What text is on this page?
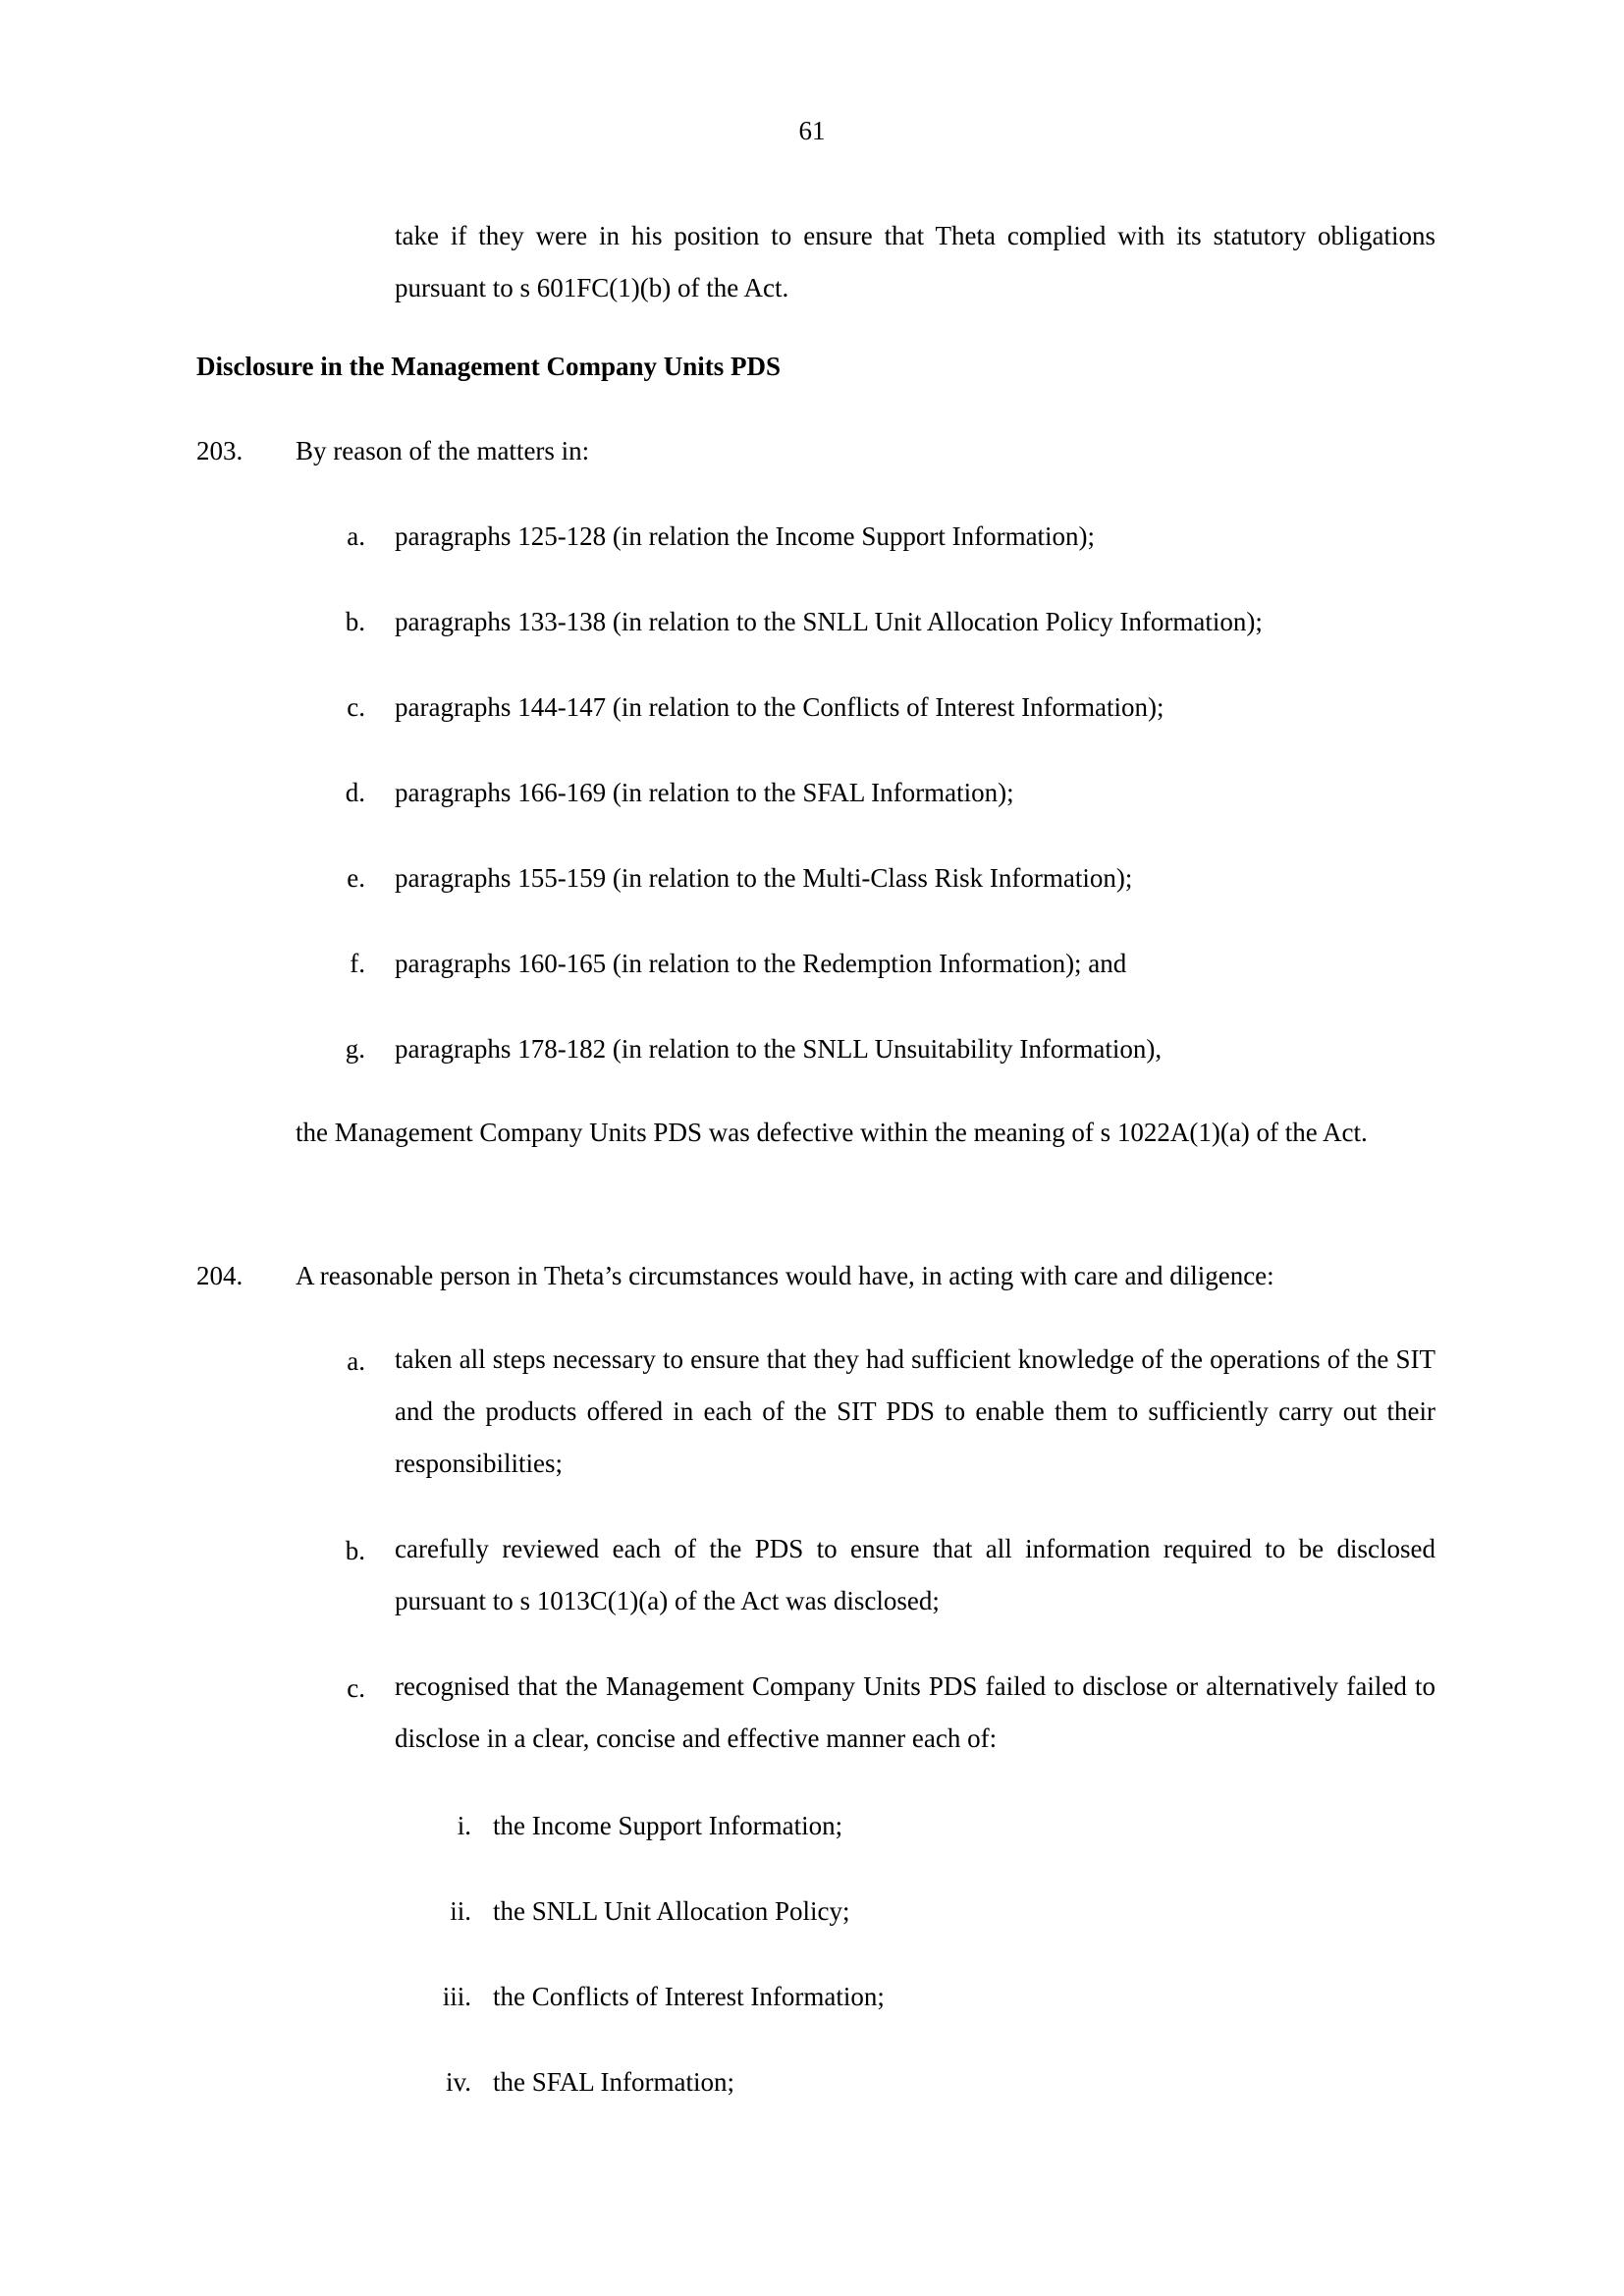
61
take if they were in his position to ensure that Theta complied with its statutory obligations pursuant to s 601FC(1)(b) of the Act.
Disclosure in the Management Company Units PDS
203. By reason of the matters in:
a. paragraphs 125-128 (in relation the Income Support Information);
b. paragraphs 133-138 (in relation to the SNLL Unit Allocation Policy Information);
c. paragraphs 144-147 (in relation to the Conflicts of Interest Information);
d. paragraphs 166-169 (in relation to the SFAL Information);
e. paragraphs 155-159 (in relation to the Multi-Class Risk Information);
f. paragraphs 160-165 (in relation to the Redemption Information); and
g. paragraphs 178-182 (in relation to the SNLL Unsuitability Information),
the Management Company Units PDS was defective within the meaning of s 1022A(1)(a) of the Act.
204. A reasonable person in Theta’s circumstances would have, in acting with care and diligence:
a. taken all steps necessary to ensure that they had sufficient knowledge of the operations of the SIT and the products offered in each of the SIT PDS to enable them to sufficiently carry out their responsibilities;
b. carefully reviewed each of the PDS to ensure that all information required to be disclosed pursuant to s 1013C(1)(a) of the Act was disclosed;
c. recognised that the Management Company Units PDS failed to disclose or alternatively failed to disclose in a clear, concise and effective manner each of:
i. the Income Support Information;
ii. the SNLL Unit Allocation Policy;
iii. the Conflicts of Interest Information;
iv. the SFAL Information;
